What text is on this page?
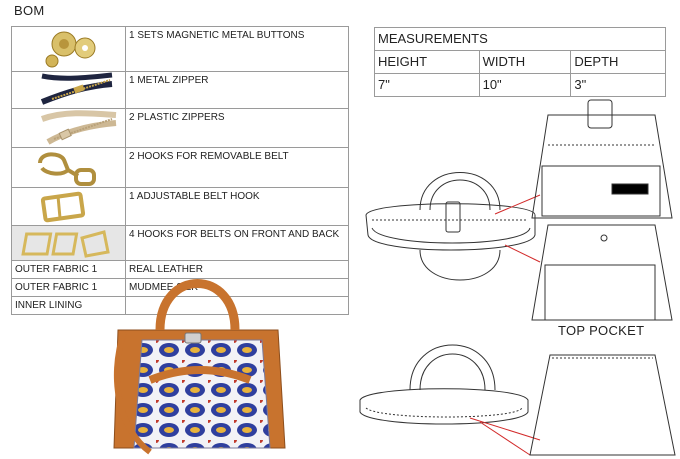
BOM
	1 SETS MAGNETIC METAL BUTTONS

	1 METAL ZIPPER

	2 PLASTIC ZIPPERS

	2 HOOKS FOR REMOVABLE BELT

	1 ADJUSTABLE BELT HOOK

	4 HOOKS FOR BELTS ON FRONT AND BACK
OUTER FABRIC 1	REAL LEATHER
OUTER FABRIC 1	MUDMEE SILK
INNER LINING	
MEASUREMENTS		
HEIGHT	WIDTH	DEPTH
7"	10"	3"
TOP POCKET
